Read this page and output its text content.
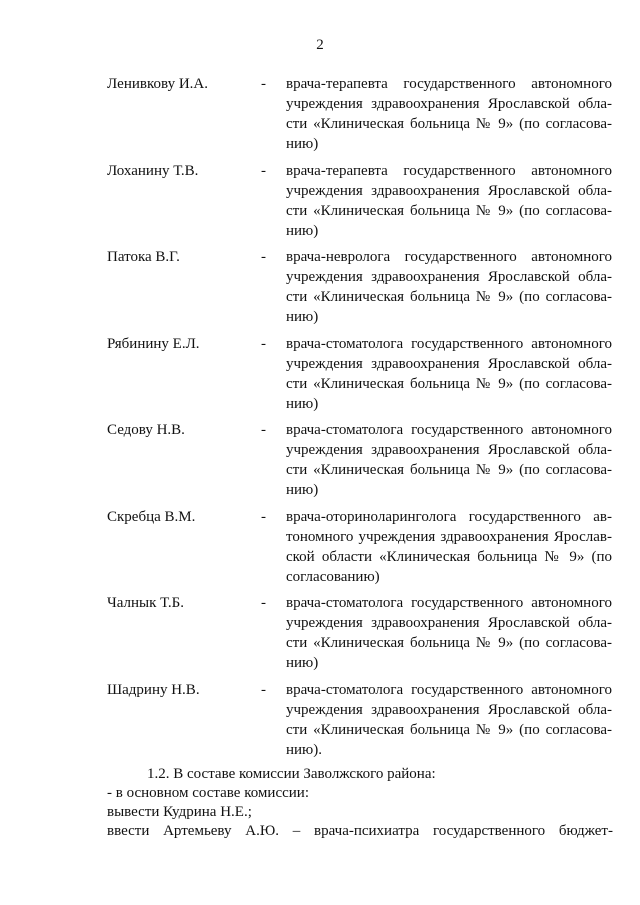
2
Лeнивкову И.А.	- врача-терапевта государственного автономного
учреждения здравоохранения Ярославской обла-
сти «Клиническая больница № 9» (по согласова-
нию)
Лоханину Т.В.	- врача-терапевта государственного автономного
учреждения здравоохранения Ярославской обла-
сти «Клиническая больница № 9» (по согласова-
нию)
Патока В.Г.	- врача-невролога государственного автономного
учреждения здравоохранения Ярославской обла-
сти «Клиническая больница № 9» (по согласова-
нию)
Рябинину Е.Л.	- врача-стоматолога государственного автономного
учреждения здравоохранения Ярославской обла-
сти «Клиническая больница № 9» (по согласова-
нию)
Седову Н.В.	- врача-стоматолога государственного автономного
учреждения здравоохранения Ярославской обла-
сти «Клиническая больница № 9» (по согласова-
нию)
Скребца В.М.	- врача-оториноларинголога государственного ав-
тономного учреждения здравоохранения Ярослав-
ской области «Клиническая больница № 9» (по
согласованию)
Чалнык Т.Б.	- врача-стоматолога государственного автономного
учреждения здравоохранения Ярославской обла-
сти «Клиническая больница № 9» (по согласова-
нию)
Шадрину Н.В.	- врача-стоматолога государственного автономного
учреждения здравоохранения Ярославской обла-
сти «Клиническая больница № 9» (по согласова-
нию).
1.2. В составе комиссии Заволжского района:
- в основном составе комиссии:
вывести Кудрина Н.Е.;
ввести Артемьеву А.Ю. – врача-психиатра государственного бюджет-
